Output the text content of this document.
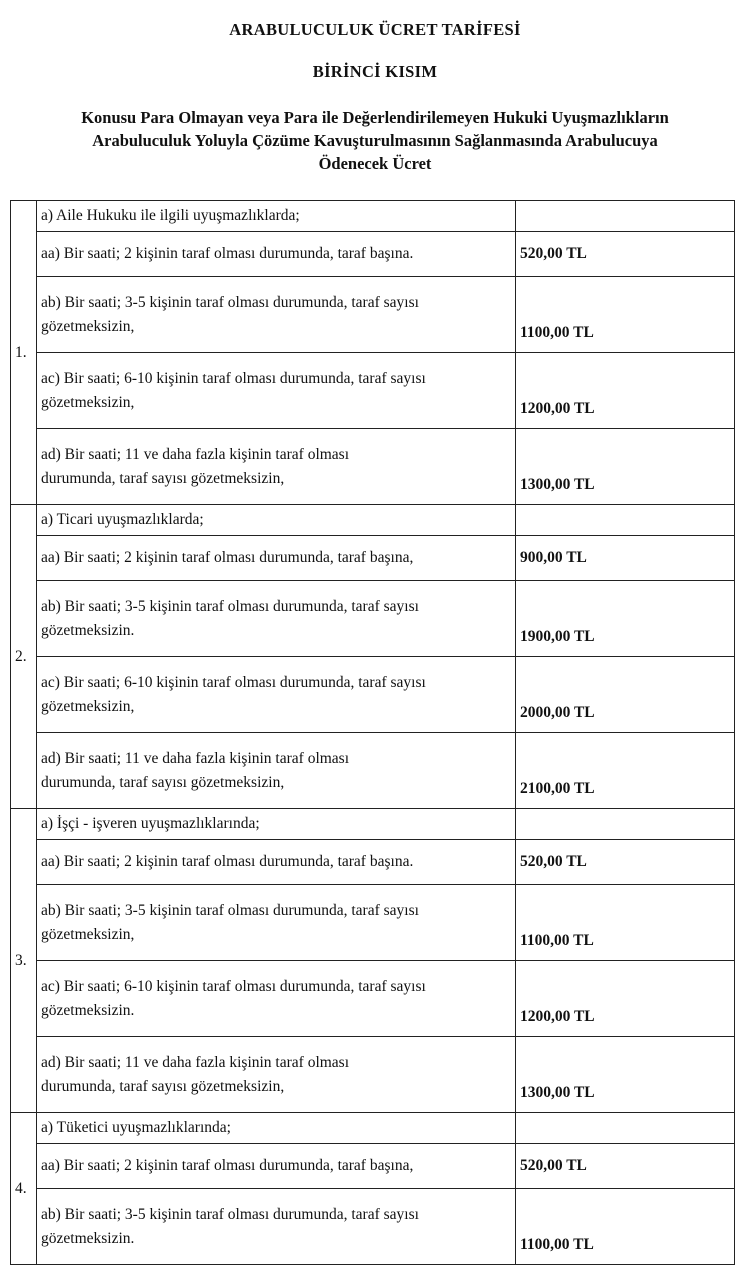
ARABULUCULUK ÜCRET TARİFESİ
BİRİNCİ KISIM
Konusu Para Olmayan veya Para ile Değerlendirilemeyen Hukuki Uyuşmazlıkların
Arabuluculuk Yoluyla Çözüme Kavuşturulmasının Sağlanmasında Arabulucuya
Ödenecek Ücret
1.	a) Aile Hukuku ile ilgili uyuşmazlıklarda;	

	aa) Bir saati; 2 kişinin taraf olması durumunda, taraf başına.	520,00 TL

	ab) Bir saati; 3-5 kişinin taraf olması durumunda, taraf sayısı
gözetmeksizin,	1100,00 TL

	ac) Bir saati; 6-10 kişinin taraf olması durumunda, taraf sayısı
gözetmeksizin,	1200,00 TL

	ad) Bir saati; 11 ve daha fazla kişinin taraf olması
durumunda, taraf sayısı gözetmeksizin,	1300,00 TL
2.	a) Ticari uyuşmazlıklarda;	

	aa) Bir saati; 2 kişinin taraf olması durumunda, taraf başına,	900,00 TL

	ab) Bir saati; 3-5 kişinin taraf olması durumunda, taraf sayısı
gözetmeksizin.	1900,00 TL

	ac) Bir saati; 6-10 kişinin taraf olması durumunda, taraf sayısı
gözetmeksizin,	2000,00 TL

	ad) Bir saati; 11 ve daha fazla kişinin taraf olması
durumunda, taraf sayısı gözetmeksizin,	2100,00 TL
3.	a) İşçi - işveren uyuşmazlıklarında;	

	aa) Bir saati; 2 kişinin taraf olması durumunda, taraf başına.	520,00 TL

	ab) Bir saati; 3-5 kişinin taraf olması durumunda, taraf sayısı
gözetmeksizin,	1100,00 TL

	ac) Bir saati; 6-10 kişinin taraf olması durumunda, taraf sayısı
gözetmeksizin.	1200,00 TL

	ad) Bir saati; 11 ve daha fazla kişinin taraf olması
durumunda, taraf sayısı gözetmeksizin,	1300,00 TL
4.	a) Tüketici uyuşmazlıklarında;	

	aa) Bir saati; 2 kişinin taraf olması durumunda, taraf başına,	520,00 TL

	ab) Bir saati; 3-5 kişinin taraf olması durumunda, taraf sayısı
gözetmeksizin.	1100,00 TL
